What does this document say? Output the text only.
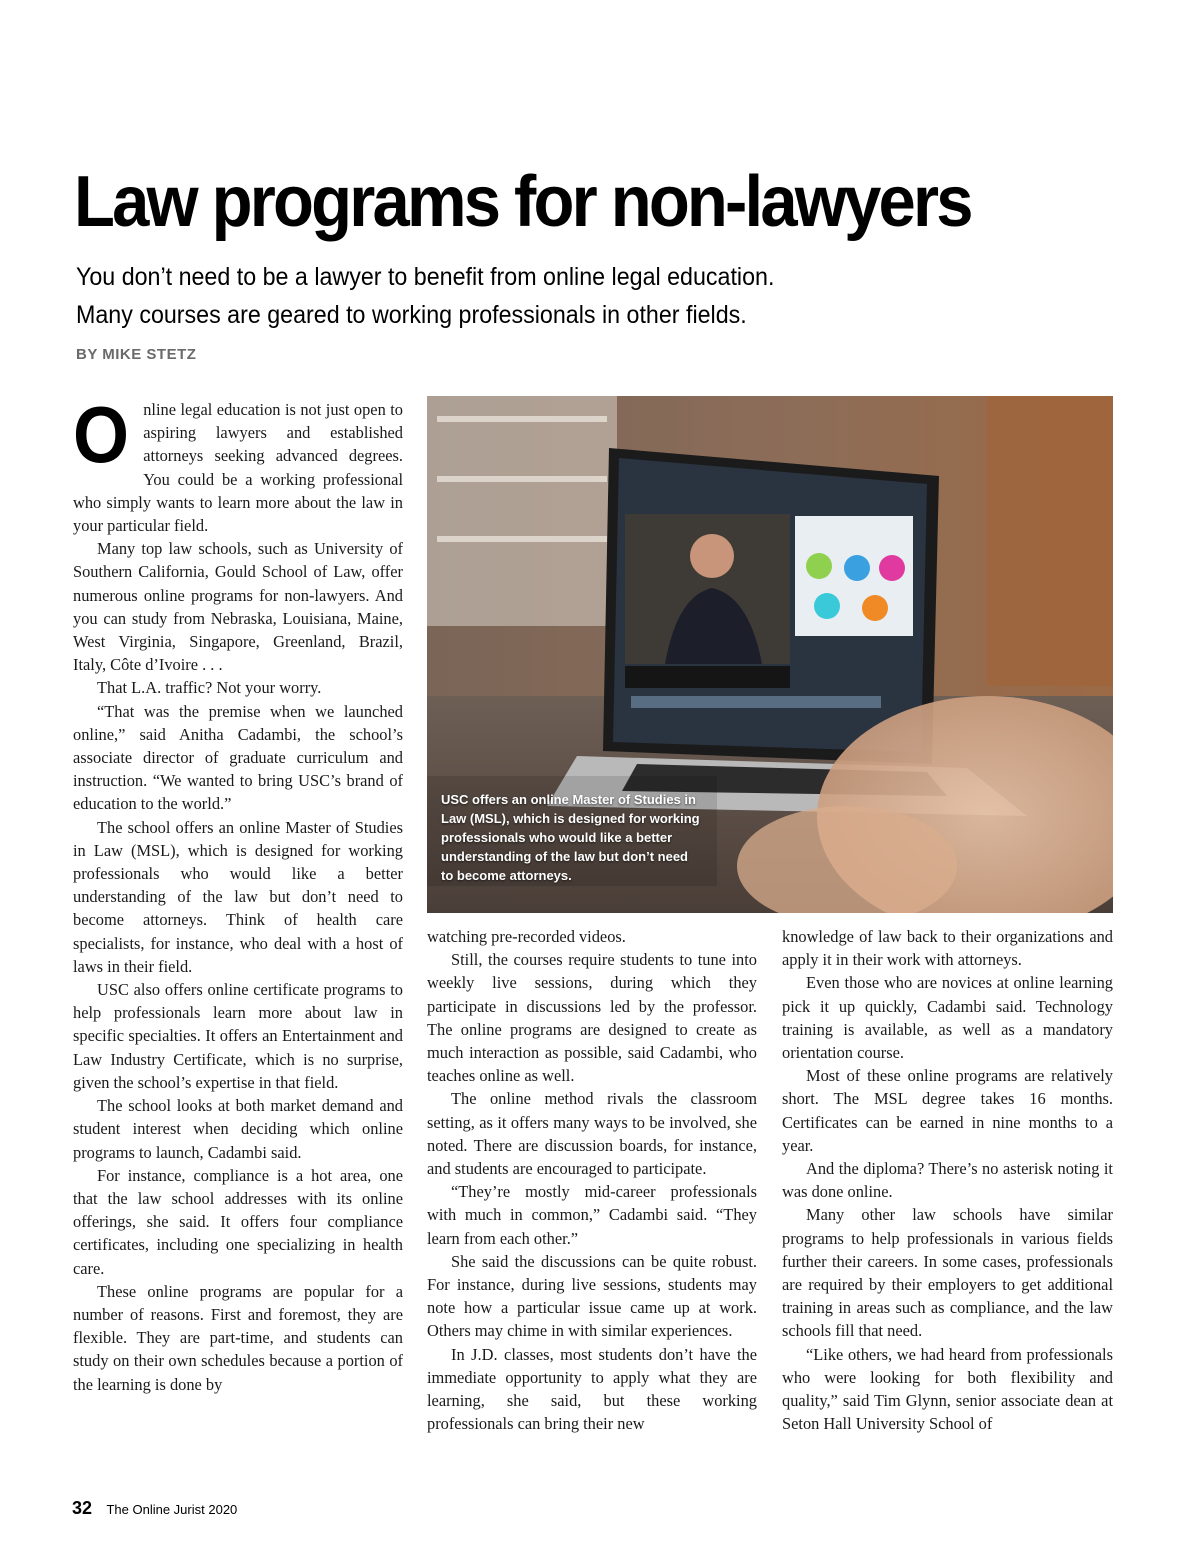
Law programs for non-lawyers
You don’t need to be a lawyer to benefit from online legal education.
Many courses are geared to working professionals in other fields.
BY MIKE STETZ

Online legal education is not just open to aspiring lawyers and established attorneys seeking advanced degrees. You could be a working professional who simply wants to learn more about the law in your particular field.

Many top law schools, such as University of Southern California, Gould School of Law, offer numerous online programs for non-lawyers. And you can study from Nebraska, Louisiana, Maine, West Virginia, Singapore, Greenland, Brazil, Italy, Côte d’Ivoire . . .

That L.A. traffic? Not your worry.

“That was the premise when we launched online,” said Anitha Cadambi, the school’s associate director of graduate curriculum and instruction. “We wanted to bring USC’s brand of education to the world.”

The school offers an online Master of Studies in Law (MSL), which is designed for working professionals who would like a better understanding of the law but don’t need to become attorneys. Think of health care specialists, for instance, who deal with a host of laws in their field.

USC also offers online certificate programs to help professionals learn more about law in specific specialties. It offers an Entertainment and Law Industry Certificate, which is no surprise, given the school’s expertise in that field.

The school looks at both market demand and student interest when deciding which online programs to launch, Cadambi said.

For instance, compliance is a hot area, one that the law school addresses with its online offerings, she said. It offers four compliance certificates, including one specializing in health care.

These online programs are popular for a number of reasons. First and foremost, they are flexible. They are part-time, and students can study on their own schedules because a portion of the learning is done by

USC offers an online Master of Studies in Law (MSL), which is designed for working professionals who would like a better understanding of the law but don’t need to become attorneys.

watching pre-recorded videos.

Still, the courses require students to tune into weekly live sessions, during which they participate in discussions led by the professor. The online programs are designed to create as much interaction as possible, said Cadambi, who teaches online as well.

The online method rivals the classroom setting, as it offers many ways to be involved, she noted. There are discussion boards, for instance, and students are encouraged to participate.

“They’re mostly mid-career professionals with much in common,” Cadambi said. “They learn from each other.”

She said the discussions can be quite robust. For instance, during live sessions, students may note how a particular issue came up at work. Others may chime in with similar experiences.

In J.D. classes, most students don’t have the immediate opportunity to apply what they are learning, she said, but these working professionals can bring their new

knowledge of law back to their organizations and apply it in their work with attorneys.

Even those who are novices at online learning pick it up quickly, Cadambi said. Technology training is available, as well as a mandatory orientation course.

Most of these online programs are relatively short. The MSL degree takes 16 months. Certificates can be earned in nine months to a year.

And the diploma? There’s no asterisk noting it was done online.

Many other law schools have similar programs to help professionals in various fields further their careers. In some cases, professionals are required by their employers to get additional training in areas such as compliance, and the law schools fill that need.

“Like others, we had heard from professionals who were looking for both flexibility and quality,” said Tim Glynn, senior associate dean at Seton Hall University School of

32 The Online Jurist 2020
